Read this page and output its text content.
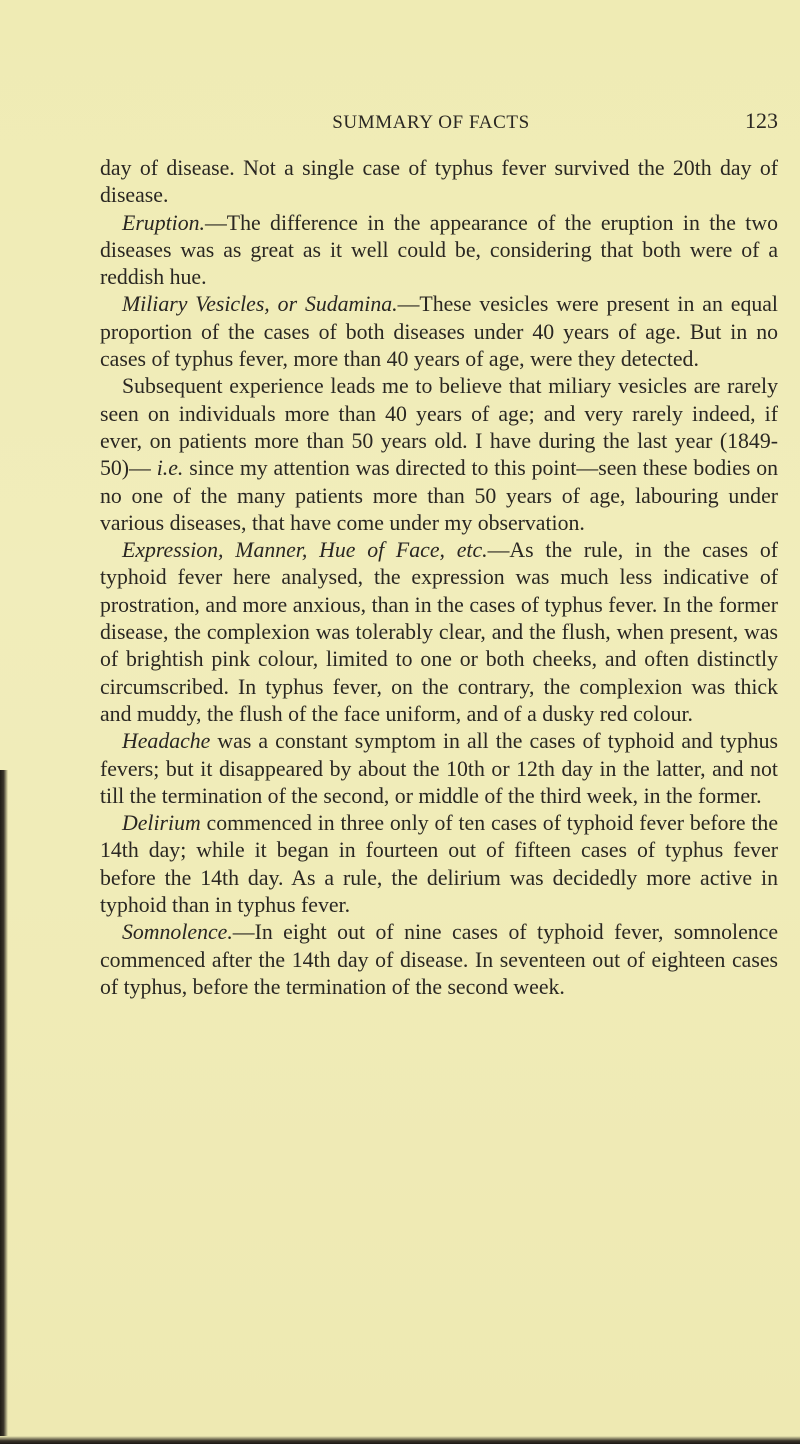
SUMMARY OF FACTS	123

day of disease. Not a single case of typhus fever survived the 20th day of disease.

Eruption.—The difference in the appearance of the eruption in the two diseases was as great as it well could be, considering that both were of a reddish hue.

Miliary Vesicles, or Sudamina.—These vesicles were present in an equal proportion of the cases of both diseases under 40 years of age. But in no cases of typhus fever, more than 40 years of age, were they detected.

Subsequent experience leads me to believe that miliary vesicles are rarely seen on individuals more than 40 years of age; and very rarely indeed, if ever, on patients more than 50 years old. I have during the last year (1849-50)— i.e. since my attention was directed to this point—seen these bodies on no one of the many patients more than 50 years of age, labouring under various diseases, that have come under my observation.

Expression, Manner, Hue of Face, etc.—As the rule, in the cases of typhoid fever here analysed, the expression was much less indicative of prostration, and more anxious, than in the cases of typhus fever. In the former disease, the complexion was tolerably clear, and the flush, when present, was of brightish pink colour, limited to one or both cheeks, and often distinctly circumscribed. In typhus fever, on the contrary, the complexion was thick and muddy, the flush of the face uniform, and of a dusky red colour.

Headache was a constant symptom in all the cases of typhoid and typhus fevers; but it disappeared by about the 10th or 12th day in the latter, and not till the termination of the second, or middle of the third week, in the former.

Delirium commenced in three only of ten cases of typhoid fever before the 14th day; while it began in fourteen out of fifteen cases of typhus fever before the 14th day. As a rule, the delirium was decidedly more active in typhoid than in typhus fever.

Somnolence.—In eight out of nine cases of typhoid fever, somnolence commenced after the 14th day of disease. In seventeen out of eighteen cases of typhus, before the termination of the second week.
